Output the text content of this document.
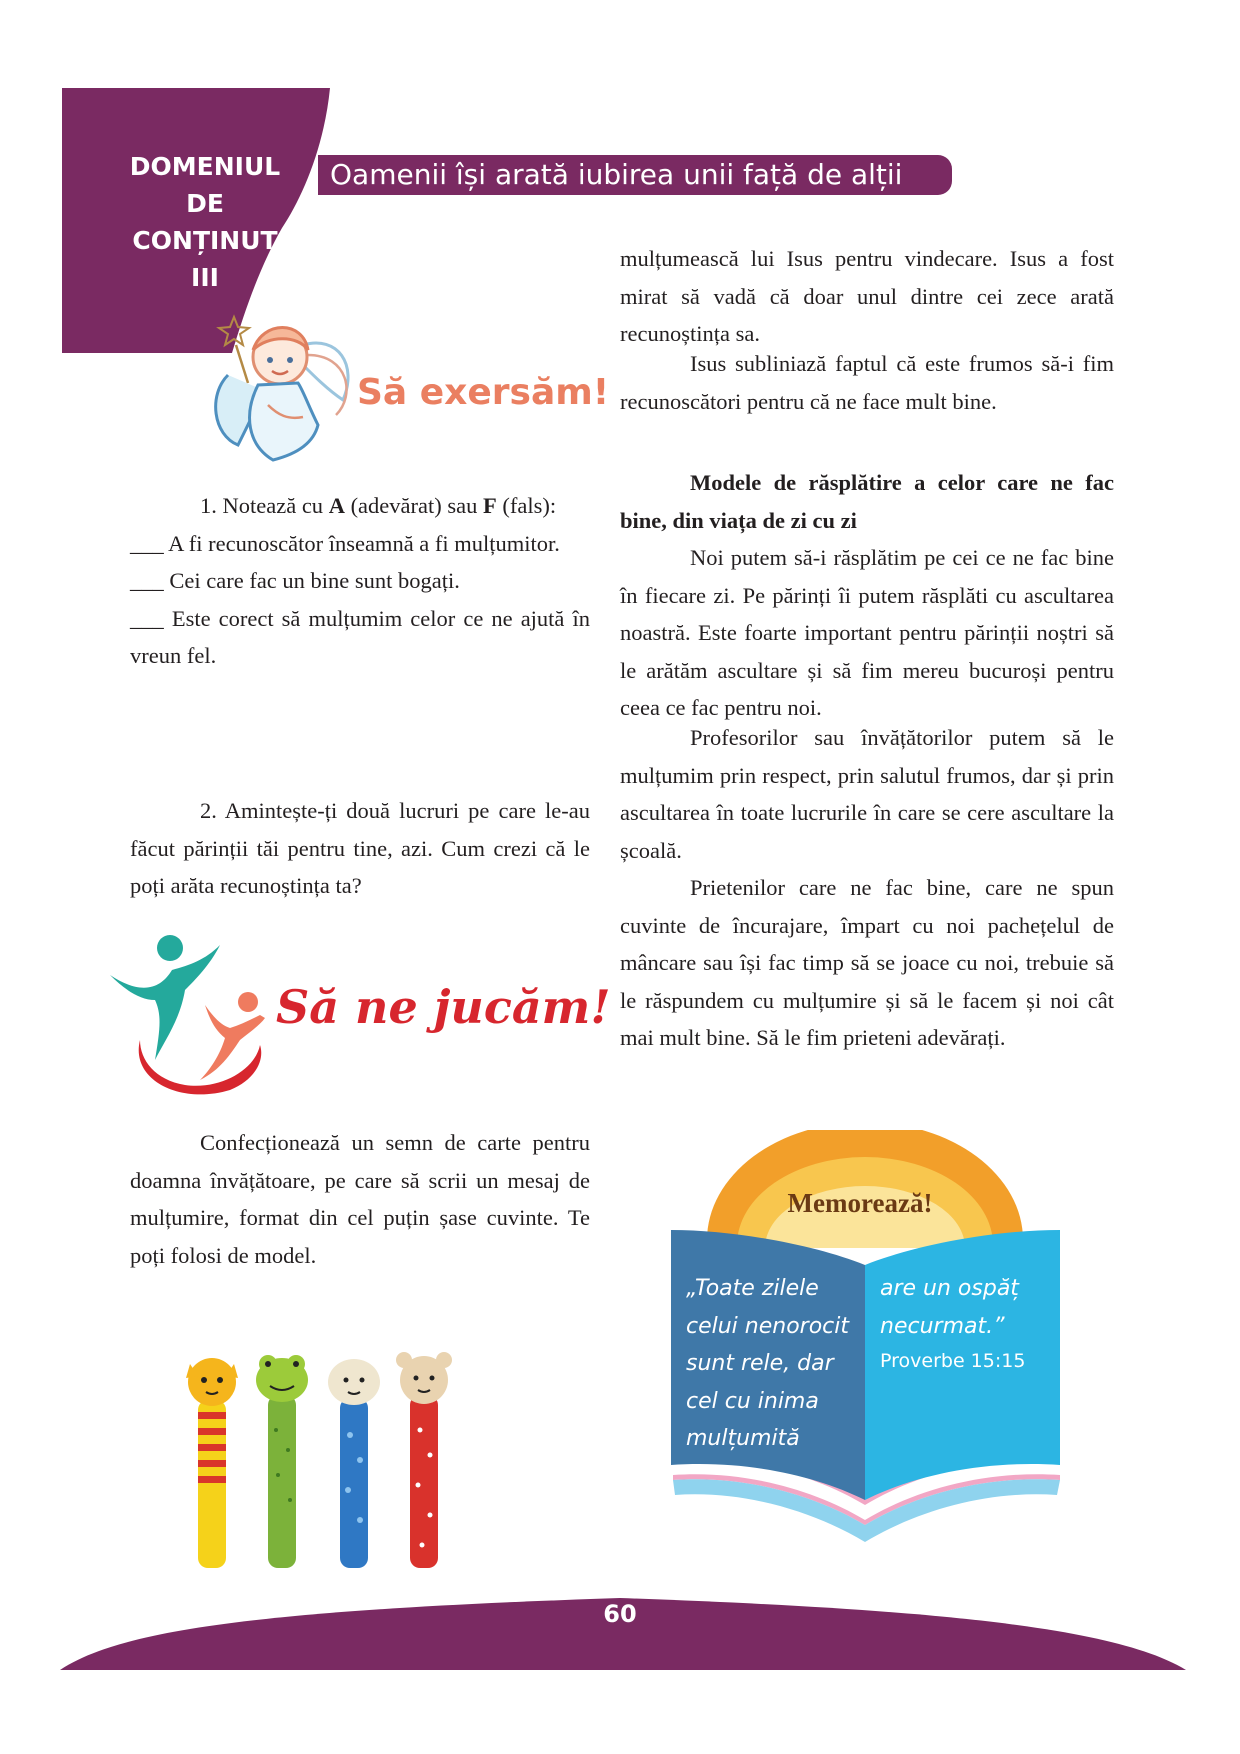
DOMENIUL
DE
CONȚINUT
III
Oamenii își arată iubirea unii față de alții
Să exersăm!
1. Notează cu A (adevărat) sau F (fals):
___ A fi recunoscător înseamnă a fi mulțumitor.
___ Cei care fac un bine sunt bogați.
___ Este corect să mulțumim celor ce ne ajută în vreun fel.
2. Amintește-ți două lucruri pe care le-au făcut părinții tăi pentru tine, azi. Cum crezi că le poți arăta recunoștința ta?
Să ne jucăm!
Confecționează un semn de carte pentru doamna învățătoare, pe care să scrii un mesaj de mulțumire, format din cel puțin șase cuvinte. Te poți folosi de model.
mulțumească lui Isus pentru vindecare. Isus a fost mirat să vadă că doar unul dintre cei zece arată recunoștința sa.
Isus subliniază faptul că este frumos să-i fim recunoscători pentru că ne face mult bine.
Modele de răsplătire a celor care ne fac bine, din viața de zi cu zi
Noi putem să-i răsplătim pe cei ce ne fac bine în fiecare zi. Pe părinți îi putem răsplăti cu ascultarea noastră. Este foarte important pentru părinții noștri să le arătăm ascultare și să fim mereu bucuroși pentru ceea ce fac pentru noi.
Profesorilor sau învățătorilor putem să le mulțumim prin respect, prin salutul frumos, dar și prin ascultarea în toate lucrurile în care se cere ascultare la școală.
Prietenilor care ne fac bine, care ne spun cuvinte de încurajare, împart cu noi pachețelul de mâncare sau își fac timp să se joace cu noi, trebuie să le răspundem cu mulțumire și să le facem și noi cât mai mult bine. Să le fim prieteni adevărați.
Memorează!
„Toate zilele
celui nenorocit
sunt rele, dar
cel cu inima
mulțumită
are un ospăț
necurmat.”
Proverbe 15:15
60
